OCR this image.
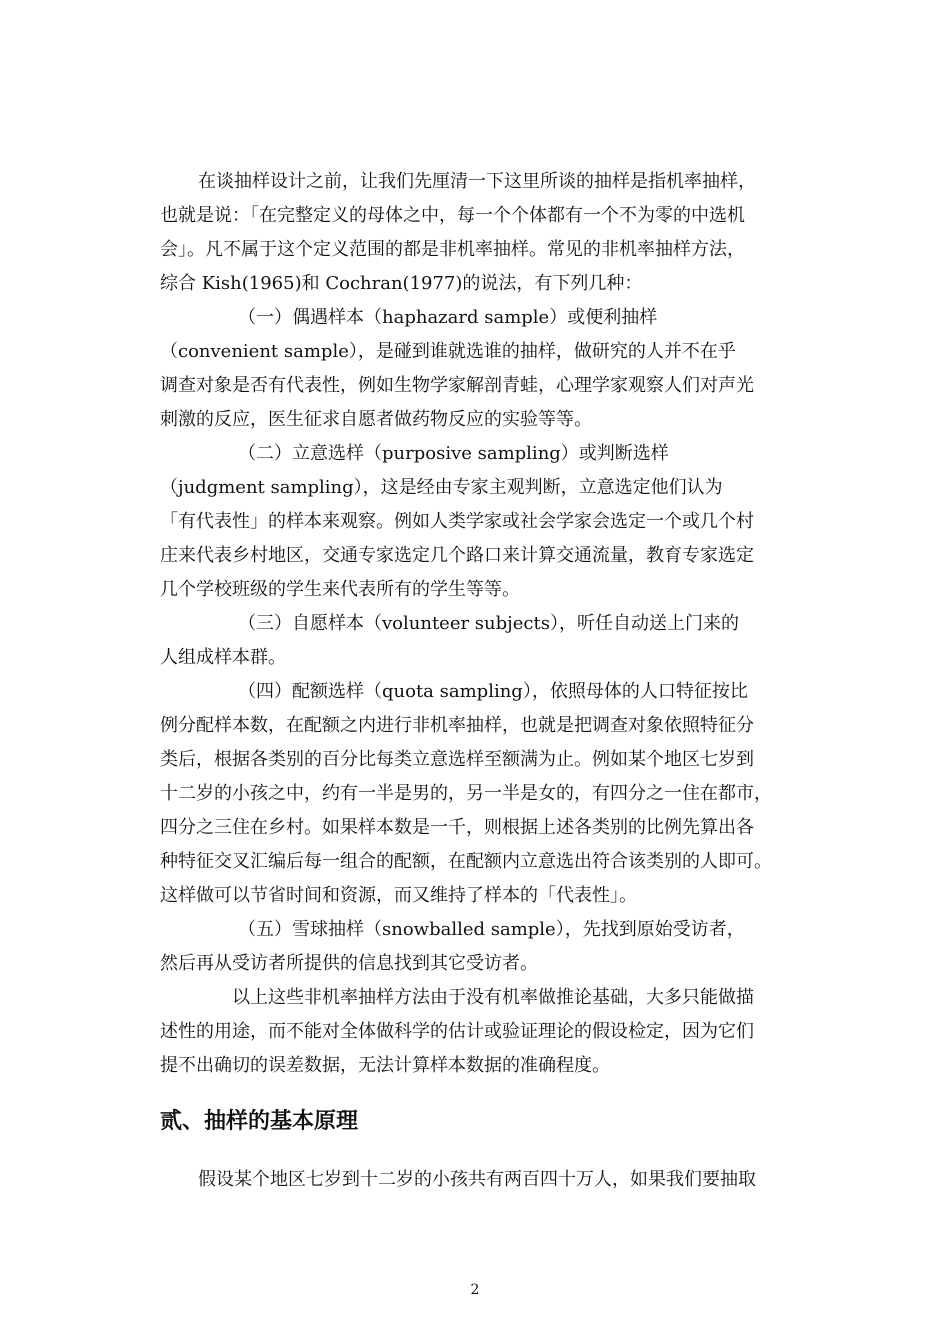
在谈抽样设计之前，让我们先厘清一下这里所谈的抽样是指机率抽样，
也就是说：「在完整定义的母体之中，每一个个体都有一个不为零的中选机
会」。凡不属于这个定义范围的都是非机率抽样。常见的非机率抽样方法，
综合 Kish(1965)和 Cochran(1977)的说法，有下列几种：
（一）偶遇样本（haphazard sample）或便利抽样
（convenient sample），是碰到谁就选谁的抽样，做研究的人并不在乎
调查对象是否有代表性，例如生物学家解剖青蛙，心理学家观察人们对声光
刺激的反应，医生征求自愿者做药物反应的实验等等。
（二）立意选样（purposive sampling）或判断选样
（judgment sampling），这是经由专家主观判断，立意选定他们认为
「有代表性」的样本来观察。例如人类学家或社会学家会选定一个或几个村
庄来代表乡村地区，交通专家选定几个路口来计算交通流量，教育专家选定
几个学校班级的学生来代表所有的学生等等。
（三）自愿样本（volunteer subjects），听任自动送上门来的
人组成样本群。
（四）配额选样（quota sampling），依照母体的人口特征按比
例分配样本数，在配额之内进行非机率抽样，也就是把调查对象依照特征分
类后，根据各类别的百分比每类立意选样至额满为止。例如某个地区七岁到
十二岁的小孩之中，约有一半是男的，另一半是女的，有四分之一住在都市，
四分之三住在乡村。如果样本数是一千，则根据上述各类别的比例先算出各
种特征交叉汇编后每一组合的配额，在配额内立意选出符合该类别的人即可。
这样做可以节省时间和资源，而又维持了样本的「代表性」。
（五）雪球抽样（snowballed sample），先找到原始受访者，
然后再从受访者所提供的信息找到其它受访者。
以上这些非机率抽样方法由于没有机率做推论基础，大多只能做描
述性的用途，而不能对全体做科学的估计或验证理论的假设检定，因为它们
提不出确切的误差数据，无法计算样本数据的准确程度。
贰、抽样的基本原理
假设某个地区七岁到十二岁的小孩共有两百四十万人，如果我们要抽取
2
